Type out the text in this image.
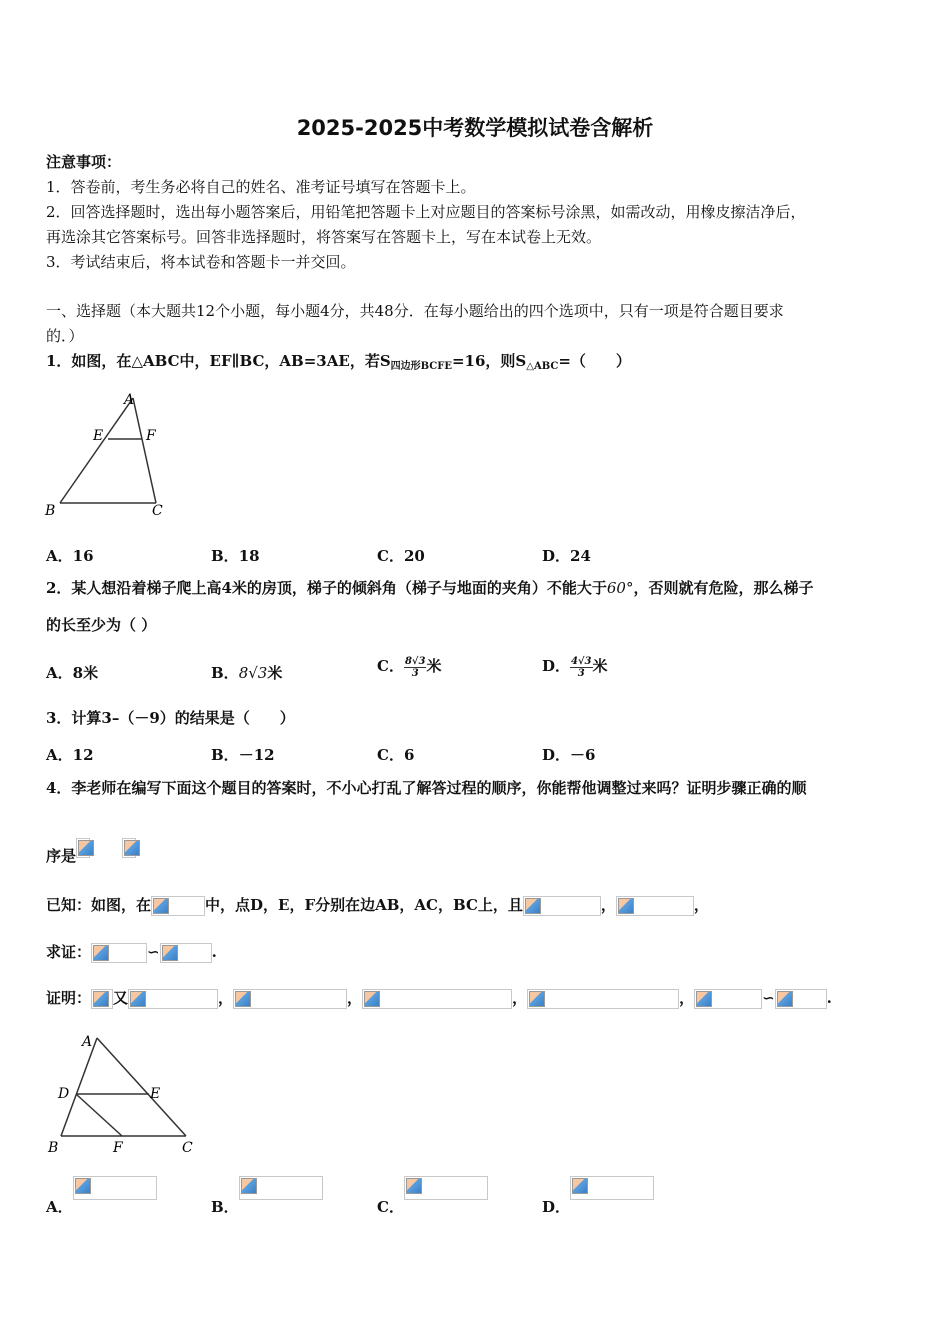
2025-2025中考数学模拟试卷含解析
注意事项：
1．答卷前，考生务必将自己的姓名、准考证号填写在答题卡上。
2．回答选择题时，选出每小题答案后，用铅笔把答题卡上对应题目的答案标号涂黑，如需改动，用橡皮擦洁净后，
再选涂其它答案标号。回答非选择题时，将答案写在答题卡上，写在本试卷上无效。
3．考试结束后，将本试卷和答题卡一并交回。
一、选择题（本大题共12个小题，每小题4分，共48分．在每小题给出的四个选项中，只有一项是符合题目要求
的．）
1．如图，在△ABC中，EF∥BC，AB=3AE，若$S_{四边形BCFE}=16$，则$S_{\triangle ABC}=$（　　）
A
E	F
B	C
A．16	B．18	C．20	D．24
2．某人想沿着梯子爬上高4米的房顶，梯子的倾斜角（梯子与地面的夹角）不能大于60°，否则就有危险，那么梯子
的长至少为（ ）
A．8米	B．8√3米	C． $\frac{8√3}{3}$米	D． $\frac{4√3}{3}$米
3．计算3–（－9）的结果是（　　）
A．12	B．－12	C．6	D．－6
4．李老师在编写下面这个题目的答案时，不小心打乱了解答过程的顺序，你能帮他调整过来吗？证明步骤正确的顺
序是
已知：如图，在	中，点D，E，F分别在边AB，AC，BC上，且	，	，
求证：	∽	.
证明： 又	，	，	，	，	∽	.
A
D	E
B	F	C
A．	B．	C．	D．
